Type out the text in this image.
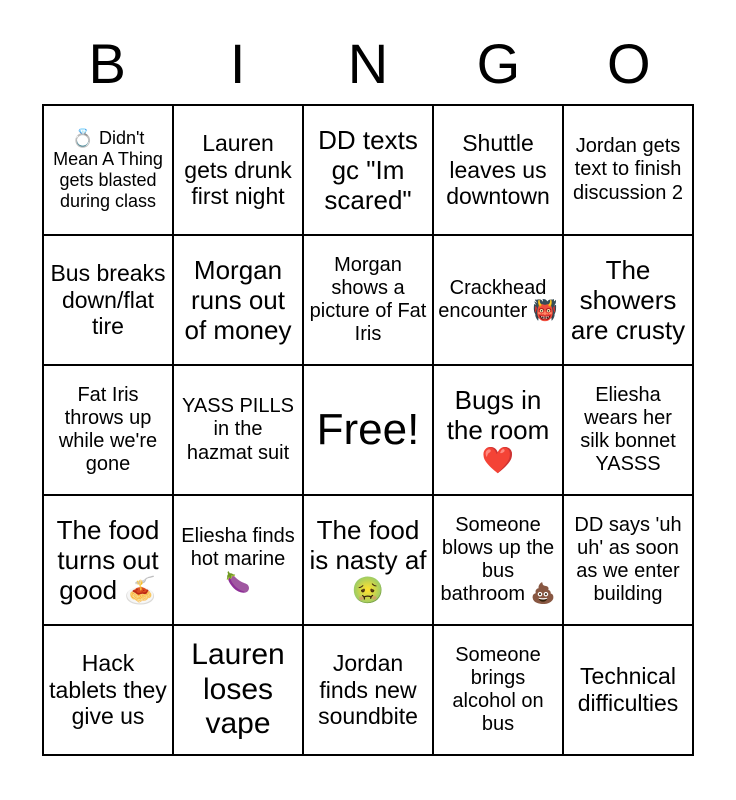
B I N G O
💍 Didn't Mean A Thing gets blasted during class
Lauren gets drunk first night
DD texts gc "Im scared"
Shuttle leaves us downtown
Jordan gets text to finish discussion 2
Bus breaks down/flat tire
Morgan runs out of money
Morgan shows a picture of Fat Iris
Crackhead encounter 👹
The showers are crusty
Fat Iris throws up while we're gone
YASS PILLS in the hazmat suit Free!
Bugs in the room❤️
Eliesha wears her silk bonnet YASSS
The food turns out good 🍝
Eliesha finds hot marine 🍆
The food is nasty af 🤢
Someone blows up the bus bathroom 💩
DD says 'uh uh' as soon as we enter building
Hack tablets they give us
Lauren loses vape
Jordan finds new soundbite
Someone brings alcohol on bus
Technical difficulties
